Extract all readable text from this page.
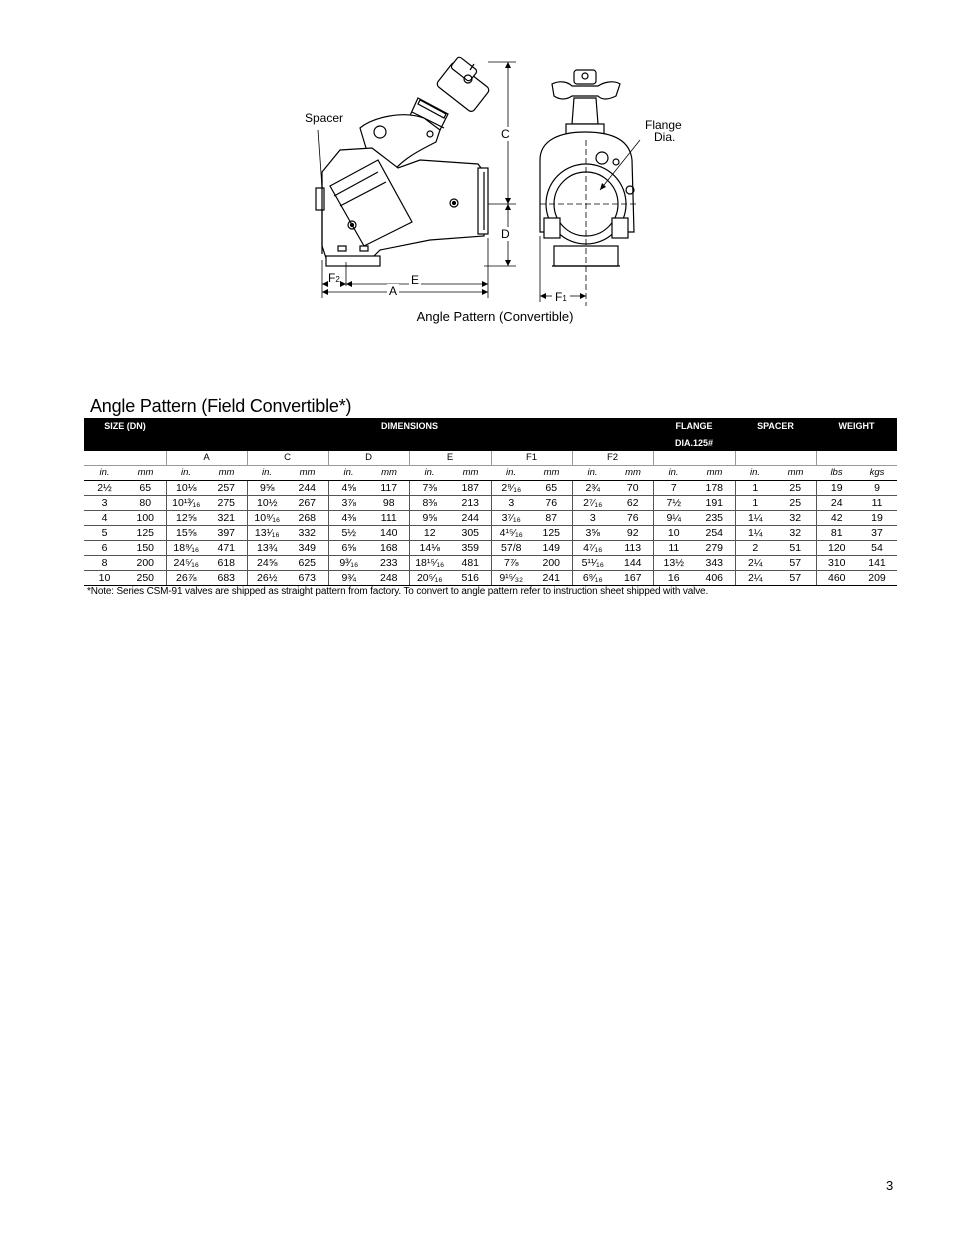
Spacer	Flange
Dia.
C
D
F2	E
A	F1
Angle Pattern (Convertible)
Angle Pattern (Field Convertible*)
SIZE (DN)		DIMENSIONS												FLANGE		SPACER		WEIGHT	
														DIA.125#					
		A		C		D		E		F1		F2							
in.	mm	in.	mm	in.	mm	in.	mm	in.	mm	in.	mm	in.	mm	in.	mm	in.	mm	lbs	kgs
2½	65	10⅛	257	9⅝	244	4⅝	117	7⅜	187	2⁹⁄₁₆	65	2¾	70	7	178	1	25	19	9
3	80	10¹³⁄₁₆	275	10½	267	3⅞	98	8⅜	213	3	76	2⁷⁄₁₆	62	7½	191	1	25	24	11
4	100	12⅝	321	10⁹⁄₁₆	268	4⅜	111	9⅝	244	3⁷⁄₁₆	87	3	76	9¼	235	1¼	32	42	19
5	125	15⅝	397	13¹⁄₁₆	332	5½	140	12	305	4¹⁵⁄₁₆	125	3⅝	92	10	254	1¼	32	81	37
6	150	18⁹⁄₁₆	471	13¾	349	6⅝	168	14⅛	359	57/8	149	4⁷⁄₁₆	113	11	279	2	51	120	54
8	200	24⁵⁄₁₆	618	24⅝	625	9³⁄₁₆	233	18¹⁵⁄₁₆	481	7⅞	200	5¹¹⁄₁₆	144	13½	343	2¼	57	310	141
10	250	26⅞	683	26½	673	9¾	248	20⁵⁄₁₆	516	9¹⁵⁄₃₂	241	6⁹⁄₁₆	167	16	406	2¼	57	460	209
*Note: Series CSM-91 valves are shipped as straight pattern from factory. To convert to angle pattern refer to instruction sheet shipped with valve.
3
